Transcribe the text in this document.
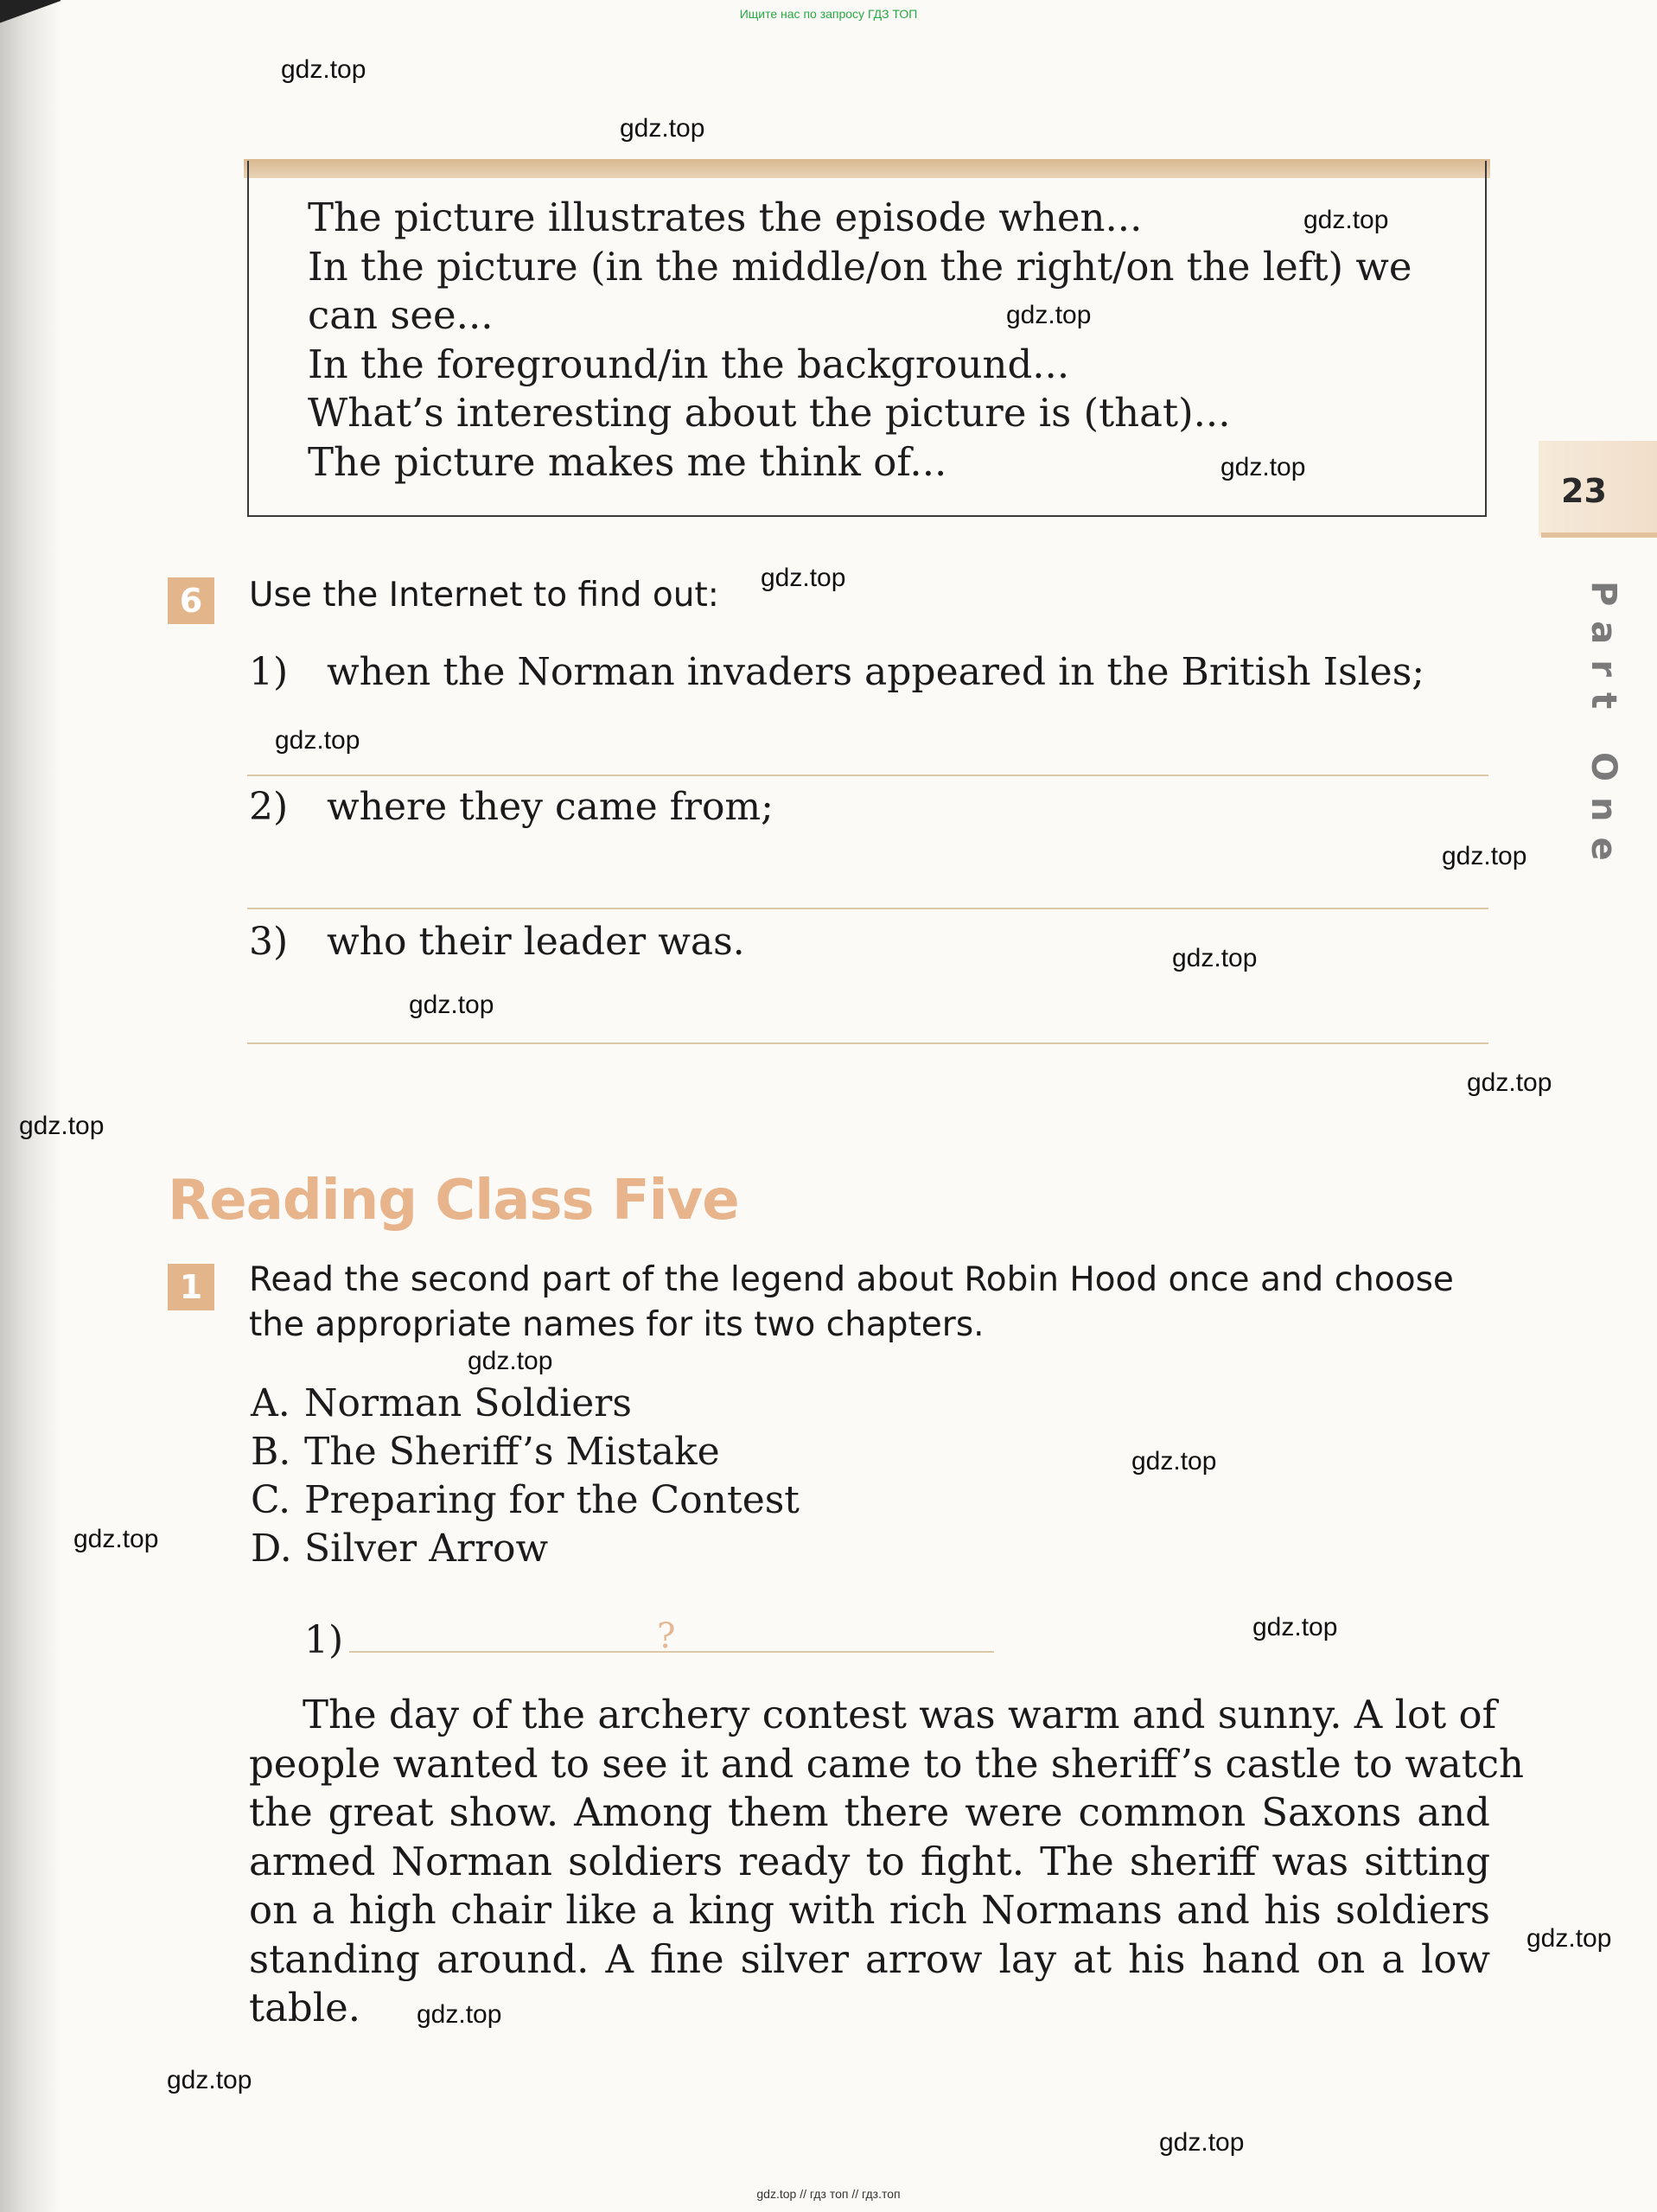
Ищите нас по запросу ГДЗ ТОП
gdz.top
gdz.top
gdz.top
gdz.top
gdz.top
gdz.top
gdz.top
gdz.top
gdz.top
gdz.top
gdz.top
gdz.top
gdz.top
gdz.top
gdz.top
gdz.top
gdz.top
gdz.top
gdz.top
gdz.top
The picture illustrates the episode when...
In the picture (in the middle/on the right/on the left) we
can see...
In the foreground/in the background...
What’s interesting about the picture is (that)...
The picture makes me think of...
6	Use the Internet to find out:
1) when the Norman invaders appeared in the British Isles;
2) where they came from;
3) who their leader was.
Reading Class Five
1	Read the second part of the legend about Robin Hood once and choose
the appropriate names for its two chapters.
A. Norman Soldiers
B. The Sheriff’s Mistake
C. Preparing for the Contest
D. Silver Arrow
1)	?
The day of the archery contest was warm and sunny. A lot of
people wanted to see it and came to the sheriff’s castle to watch
the great show. Among them there were common Saxons and
armed Norman soldiers ready to fight. The sheriff was sitting
on a high chair like a king with rich Normans and his soldiers
standing around. A fine silver arrow lay at his hand on a low
table.
23
Part One
gdz.top // гдз топ // гдз.топ
